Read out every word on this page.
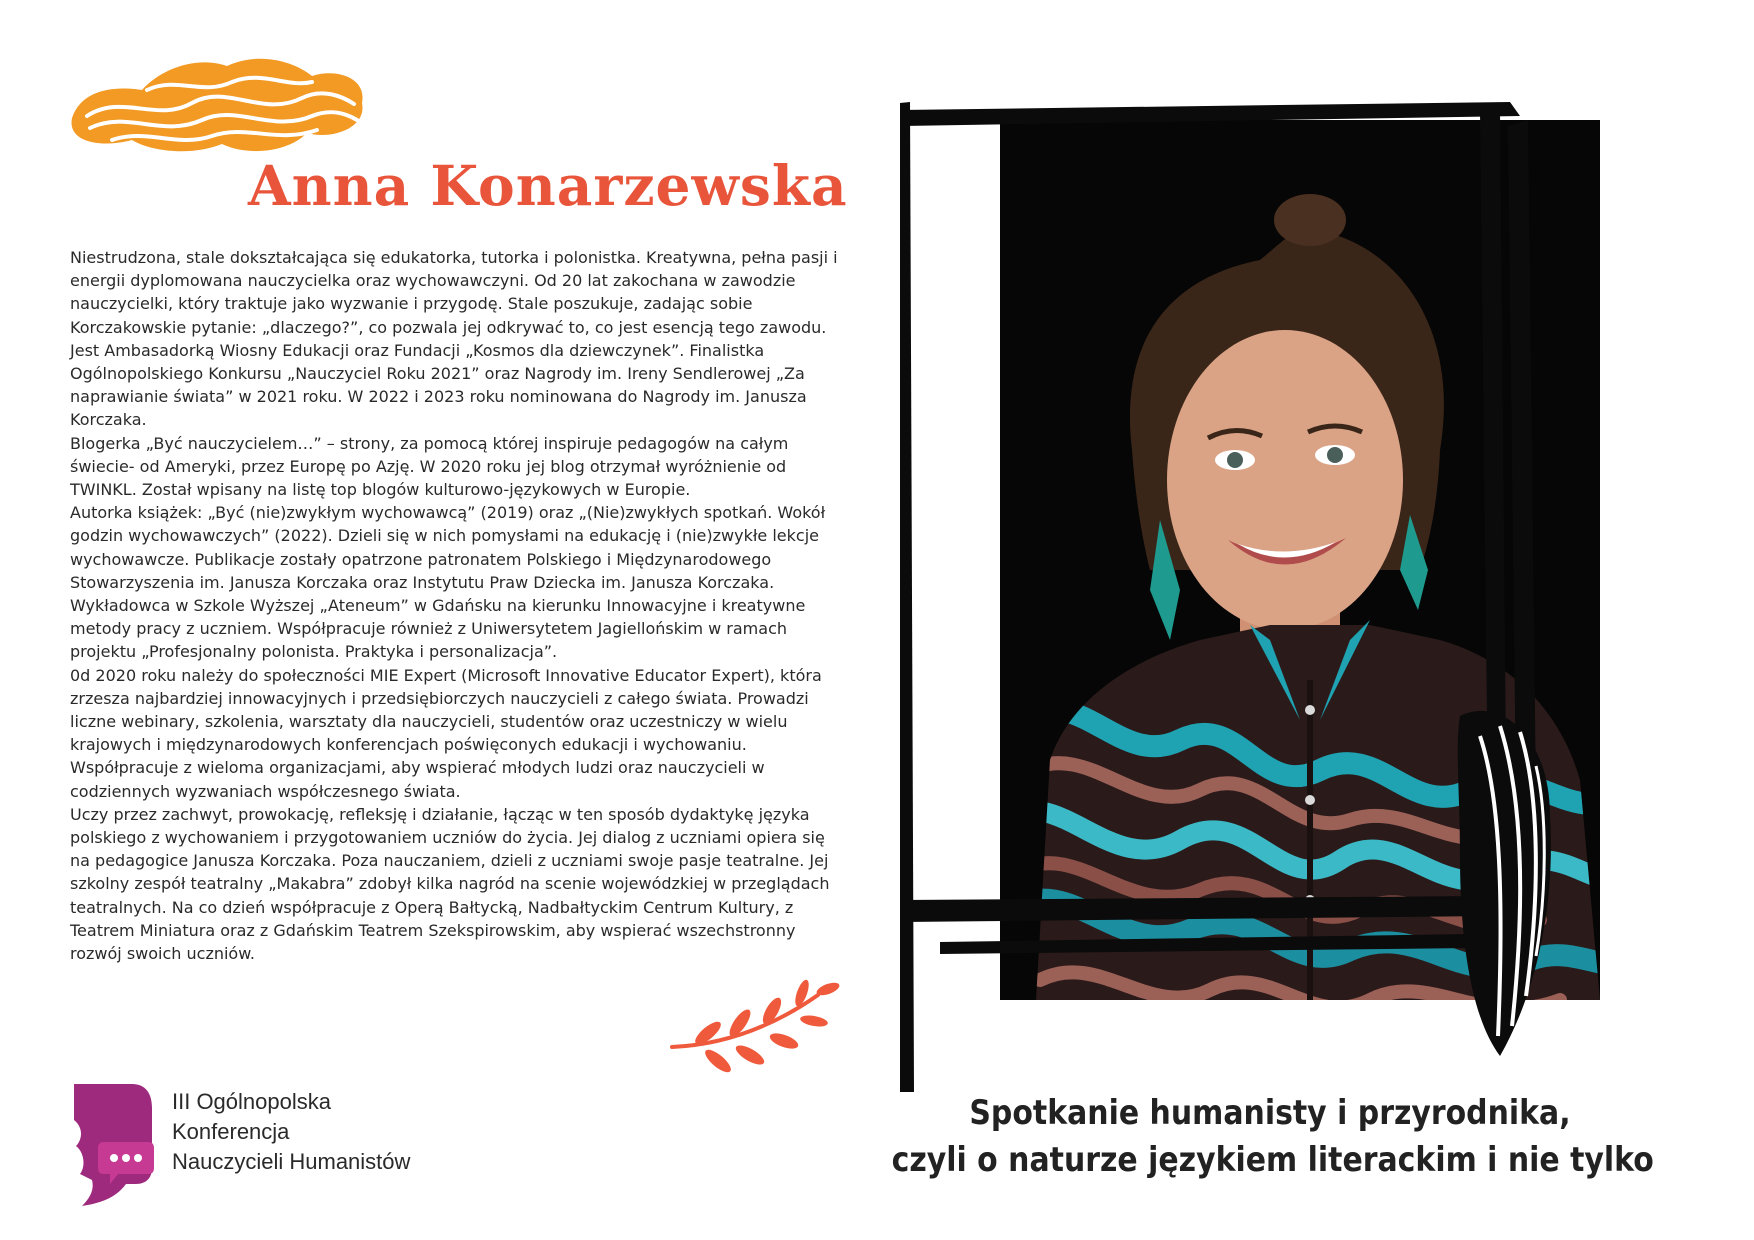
Anna Konarzewska

Niestrudzona, stale dokształcająca się edukatorka, tutorka i polonistka. Kreatywna, pełna pasji i energii dyplomowana nauczycielka oraz wychowawczyni. Od 20 lat zakochana w zawodzie nauczycielki, który traktuje jako wyzwanie i przygodę. Stale poszukuje, zadając sobie Korczakowskie pytanie: „dlaczego?”, co pozwala jej odkrywać to, co jest esencją tego zawodu.

Jest Ambasadorką Wiosny Edukacji oraz Fundacji „Kosmos dla dziewczynek”. Finalistka Ogólnopolskiego Konkursu „Nauczyciel Roku 2021” oraz Nagrody im. Ireny Sendlerowej „Za naprawianie świata” w 2021 roku. W 2022 i 2023 roku nominowana do Nagrody im. Janusza Korczaka.

Blogerka „Być nauczycielem…” – strony, za pomocą której inspiruje pedagogów na całym świecie- od Ameryki, przez Europę po Azję. W 2020 roku jej blog otrzymał wyróżnienie od TWINKL. Został wpisany na listę top blogów kulturowo-językowych w Europie.

Autorka książek: „Być (nie)zwykłym wychowawcą” (2019) oraz „(Nie)zwykłych spotkań. Wokół godzin wychowawczych” (2022). Dzieli się w nich pomysłami na edukację i (nie)zwykłe lekcje wychowawcze. Publikacje zostały opatrzone patronatem Polskiego i Międzynarodowego Stowarzyszenia im. Janusza Korczaka oraz Instytutu Praw Dziecka im. Janusza Korczaka.

Wykładowca w Szkole Wyższej „Ateneum” w Gdańsku na kierunku Innowacyjne i kreatywne metody pracy z uczniem. Współpracuje również z Uniwersytetem Jagiellońskim w ramach projektu „Profesjonalny polonista. Praktyka i personalizacja”.

0d 2020 roku należy do społeczności MIE Expert (Microsoft Innovative Educator Expert), która zrzesza najbardziej innowacyjnych i przedsiębiorczych nauczycieli z całego świata. Prowadzi liczne webinary, szkolenia, warsztaty dla nauczycieli, studentów oraz uczestniczy w wielu krajowych i międzynarodowych konferencjach poświęconych edukacji i wychowaniu. Współpracuje z wieloma organizacjami, aby wspierać młodych ludzi oraz nauczycieli w codziennych wyzwaniach współczesnego świata.

Uczy przez zachwyt, prowokację, refleksję i działanie, łącząc w ten sposób dydaktykę języka polskiego z wychowaniem i przygotowaniem uczniów do życia. Jej dialog z uczniami opiera się na pedagogice Janusza Korczaka. Poza nauczaniem, dzieli z uczniami swoje pasje teatralne. Jej szkolny zespół teatralny „Makabra” zdobył kilka nagród na scenie wojewódzkiej w przeglądach teatralnych. Na co dzień współpracuje z Operą Bałtycką, Nadbałtyckim Centrum Kultury, z Teatrem Miniatura oraz z Gdańskim Teatrem Szekspirowskim, aby wspierać wszechstronny rozwój swoich uczniów.

III Ogólnopolska
Konferencja
Nauczycieli Humanistów
Spotkanie humanisty i przyrodnika,
czyli o naturze językiem literackim i nie tylko
